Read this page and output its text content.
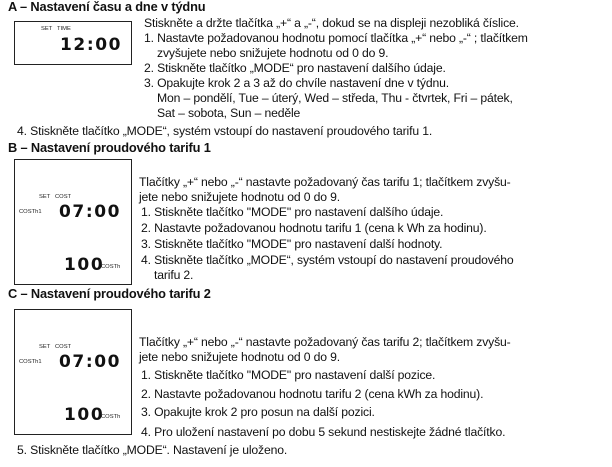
A – Nastavení času a dne v týdnu
SET TIME
12:00
Stiskněte a držte tlačítka „+“ a „-“, dokud se na displeji nezobliká číslice.
1. Nastavte požadovanou hodnotu pomocí tlačítka „+“ nebo „-“ ; tlačítkem
zvyšujete nebo snižujete hodnotu od 0 do 9.
2. Stiskněte tlačítko „MODE“ pro nastavení dalšího údaje.
3. Opakujte krok 2 a 3 až do chvíle nastavení dne v týdnu.
Mon – pondělí, Tue – úterý, Wed – středa, Thu - čtvrtek, Fri – pátek,
Sat – sobota, Sun – neděle
4. Stiskněte tlačítko „MODE“, systém vstoupí do nastavení proudového tarifu 1.
B – Nastavení proudového tarifu 1
SET COST
COSTh1 07:00
100
COSTh
Tlačítky „+“ nebo „-“ nastavte požadovaný čas tarifu 1; tlačítkem zvyšu-
jete nebo snižujete hodnotu od 0 do 9.
1. Stiskněte tlačítko "MODE" pro nastavení dalšího údaje.
2. Nastavte požadovanou hodnotu tarifu 1 (cena k Wh za hodinu).
3. Stiskněte tlačítko "MODE" pro nastavení další hodnoty.
4. Stiskněte tlačítko „MODE“, systém vstoupí do nastavení proudového
tarifu 2.
C – Nastavení proudového tarifu 2
SET COST
COSTh1 07:00
100
COSTh
Tlačítky „+“ nebo „-“ nastavte požadovaný čas tarifu 2; tlačítkem zvyšu-
jete nebo snižujete hodnotu od 0 do 9.
1. Stiskněte tlačítko "MODE" pro nastavení další pozice.
2. Nastavte požadovanou hodnotu tarifu 2 (cena kWh za hodinu).
3. Opakujte krok 2 pro posun na další pozici.
4. Pro uložení nastavení po dobu 5 sekund nestiskejte žádné tlačítko.
5. Stiskněte tlačítko „MODE“. Nastavení je uloženo.
